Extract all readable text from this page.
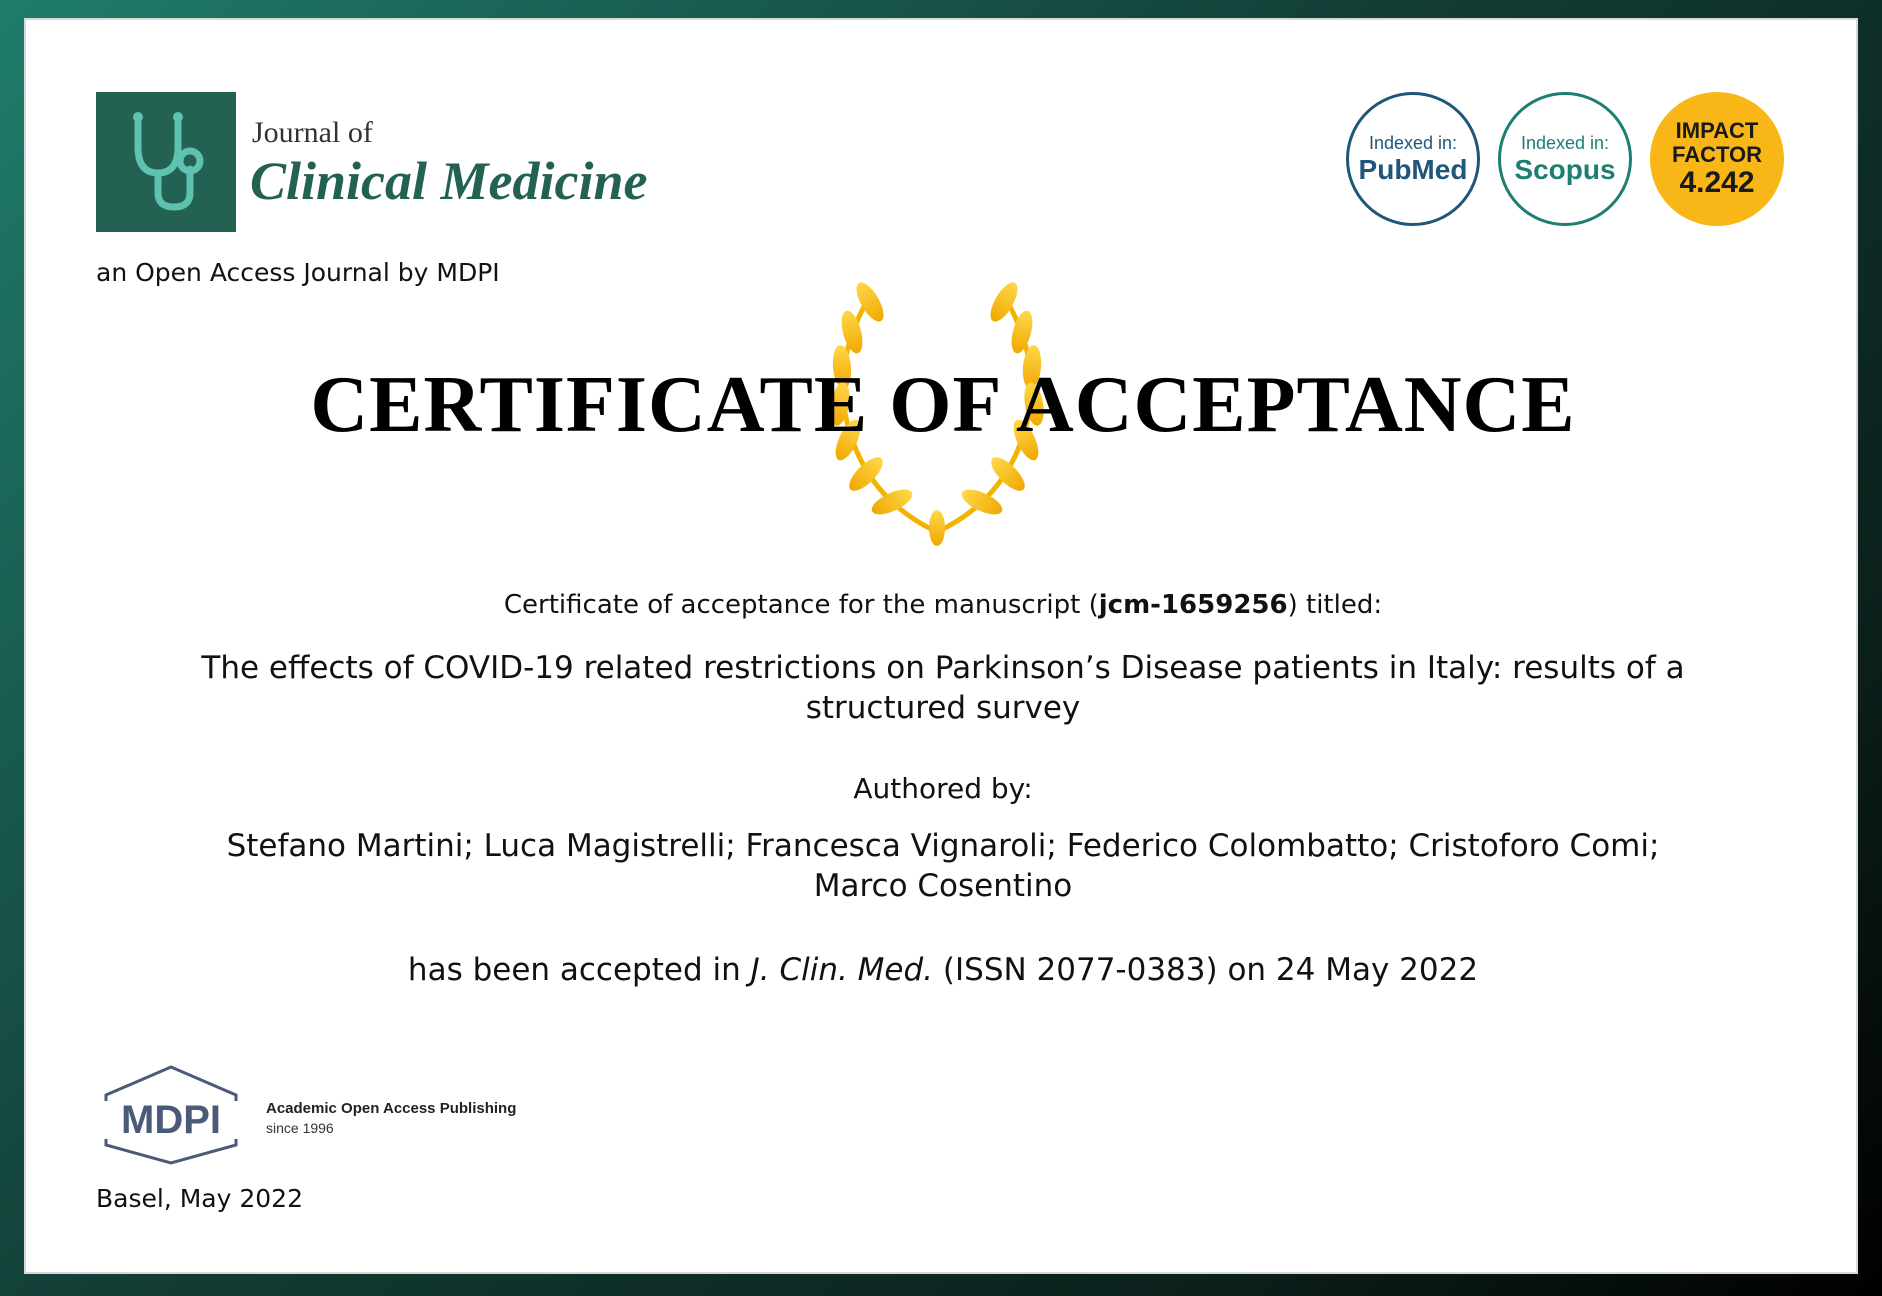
Journal of
Clinical Medicine
an Open Access Journal by MDPI
Indexed in:
PubMed
Indexed in:
Scopus
IMPACT
FACTOR
4.242
CERTIFICATE OF ACCEPTANCE
Certificate of acceptance for the manuscript (jcm-1659256) titled:
The effects of COVID-19 related restrictions on Parkinson’s Disease patients in Italy: results of a structured survey
Authored by:
Stefano Martini; Luca Magistrelli; Francesca Vignaroli; Federico Colombatto; Cristoforo Comi; Marco Cosentino
has been accepted in J. Clin. Med. (ISSN 2077-0383) on 24 May 2022
MDPI	Academic Open Access Publishing
since 1996
Basel, May 2022
